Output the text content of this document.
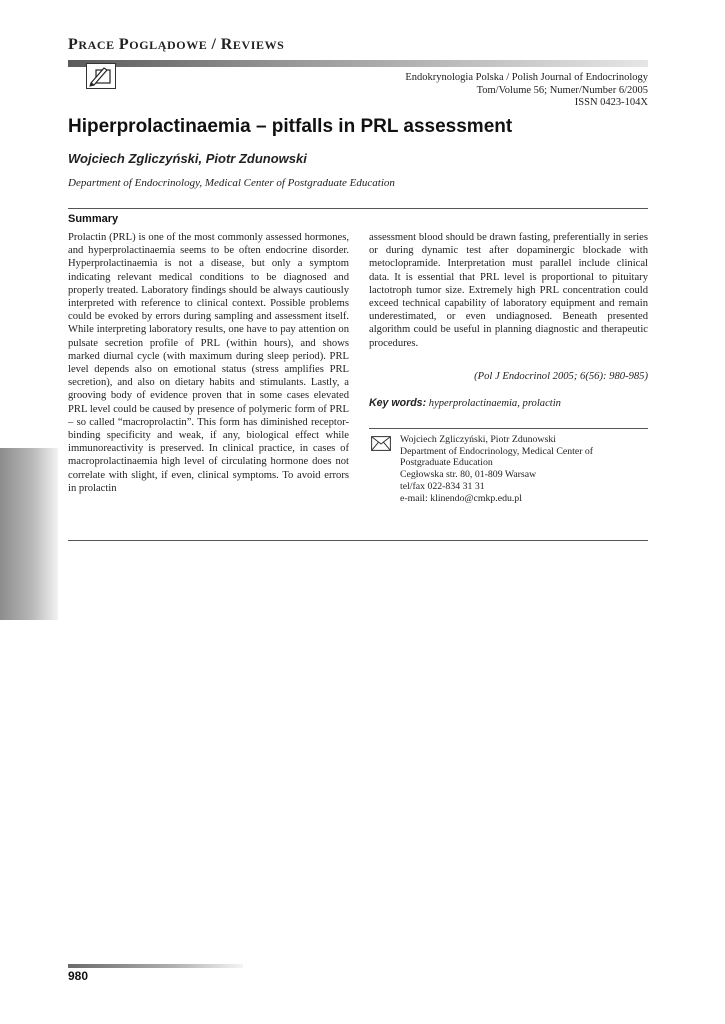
PRACE POGLĄDOWE / REVIEWS
Endokrynologia Polska / Polish Journal of Endocrinology
Tom/Volume 56; Numer/Number 6/2005
ISSN 0423-104X
Hiperprolactinaemia – pitfalls in PRL assessment
Wojciech Zgliczyński, Piotr Zdunowski
Department of Endocrinology, Medical Center of Postgraduate Education
Summary

Prolactin (PRL) is one of the most commonly assessed hormones, and hyperprolactinaemia seems to be often endocrine disorder. Hyperprolactinaemia is not a disease, but only a symptom indicating relevant medical conditions to be diagnosed and properly treated. Laboratory findings should be always cautiously interpreted with reference to clinical context. Possible problems could be evoked by errors during sampling and assessment itself. While interpreting laboratory results, one have to pay attention on pulsate secretion profile of PRL (within hours), and shows marked diurnal cycle (with maximum during sleep period). PRL level depends also on emotional status (stress amplifies PRL secretion), and also on dietary habits and stimulants. Lastly, a grooving body of evidence proven that in some cases elevated PRL level could be caused by presence of polymeric form of PRL – so called “macroprolactin”. This form has diminished receptor-binding specificity and weak, if any, biological effect while immunoreactivity is preserved. In clinical practice, in cases of macroprolactinaemia high level of circulating hormone does not correlate with slight, if even, clinical symptoms. To avoid errors in prolactin

assessment blood should be drawn fasting, preferentially in series or during dynamic test after dopaminergic blockade with metoclopramide. Interpretation must parallel include clinical data. It is essential that PRL level is proportional to pituitary lactotroph tumor size. Extremely high PRL concentration could exceed technical capability of laboratory equipment and remain underestimated, or even undiagnosed. Beneath presented algorithm could be useful in planning diagnostic and therapeutic procedures.

(Pol J Endocrinol 2005; 6(56): 980-985)
Key words: hyperprolactinaemia, prolactin
Wojciech Zgliczyński, Piotr Zdunowski
Department of Endocrinology, Medical Center of
Postgraduate Education
Cegłowska str. 80, 01-809 Warsaw
tel/fax 022-834 31 31
e-mail: klinendo@cmkp.edu.pl
980
